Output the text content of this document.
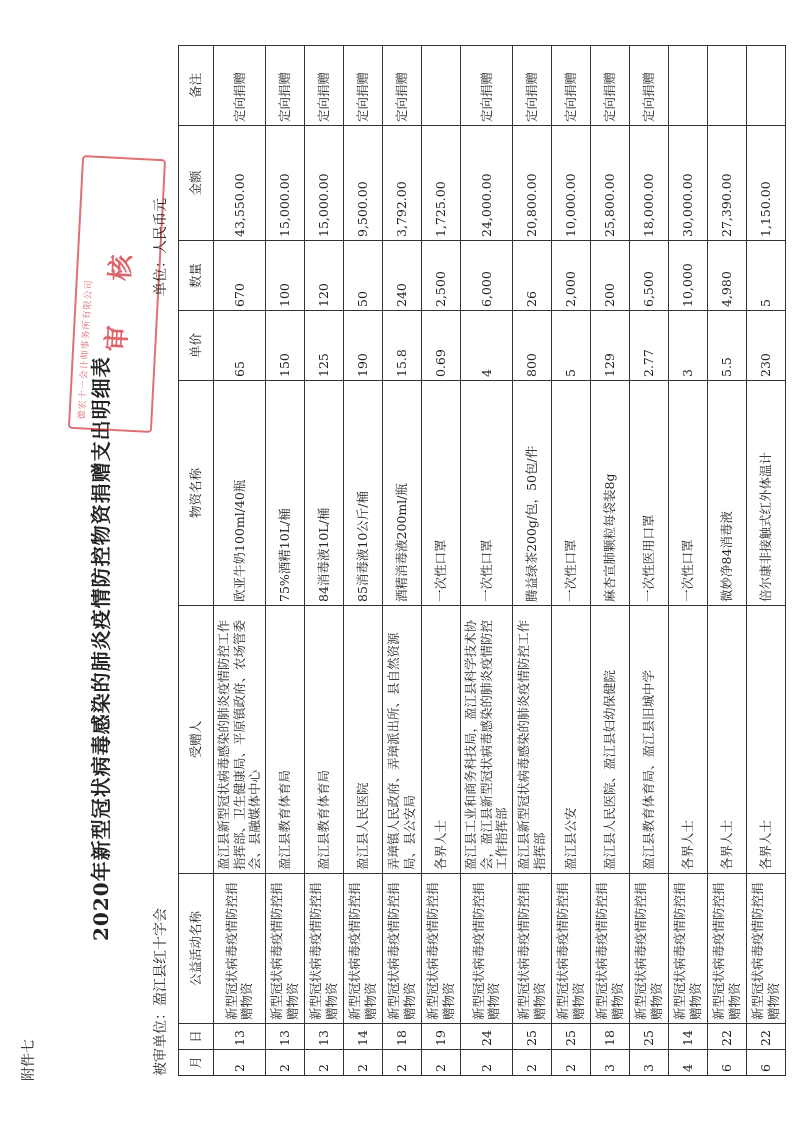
附件七
2020年新型冠状病毒感染的肺炎疫情防控物资捐赠支出明细表
德宏十一会计师事务所有限公司 审 核
被审单位：盈江县红十字会
单位：人民币元
月	日	公益活动名称	受赠人	物资名称	单价	数量	金额	备注
2	13	新型冠状病毒疫情防控捐赠物资	盈江县新型冠状病毒感染的肺炎疫情防控工作指挥部、卫生健康局、平原镇政府、农场管委会、县融媒体中心	欧亚牛奶100ml/40瓶	65	670	43,550.00	定向捐赠
2	13	新型冠状病毒疫情防控捐赠物资	盈江县教育体育局	75%酒精10L/桶	150	100	15,000.00	定向捐赠
2	13	新型冠状病毒疫情防控捐赠物资	盈江县教育体育局	84消毒液10L/桶	125	120	15,000.00	定向捐赠
2	14	新型冠状病毒疫情防控捐赠物资	盈江县人民医院	85消毒液10公斤/桶	190	50	9,500.00	定向捐赠
2	18	新型冠状病毒疫情防控捐赠物资	弄璋镇人民政府、弄璋派出所、县自然资源局、县公安局	酒精消毒液200ml/瓶	15.8	240	3,792.00	定向捐赠
2	19	新型冠状病毒疫情防控捐赠物资	各界人士	一次性口罩	0.69	2,500	1,725.00	
2	24	新型冠状病毒疫情防控捐赠物资	盈江县工业和商务科技局，盈江县科学技术协会，盈江县新型冠状病毒感染的肺炎疫情防控工作指挥部	一次性口罩	4	6,000	24,000.00	定向捐赠
2	25	新型冠状病毒疫情防控捐赠物资	盈江县新型冠状病毒感染的肺炎疫情防控工作指挥部	腾益绿茶200g/包，50包/件	800	26	20,800.00	定向捐赠
2	25	新型冠状病毒疫情防控捐赠物资	盈江县公安	一次性口罩	5	2,000	10,000.00	定向捐赠
3	18	新型冠状病毒疫情防控捐赠物资	盈江县人民医院、盈江县妇幼保健院	麻杏宣肺颗粒每袋装8g	129	200	25,800.00	定向捐赠
3	25	新型冠状病毒疫情防控捐赠物资	盈江县教育体育局、盈江县旧城中学	一次性医用口罩	2.77	6,500	18,000.00	定向捐赠
4	14	新型冠状病毒疫情防控捐赠物资	各界人士	一次性口罩	3	10,000	30,000.00	
6	22	新型冠状病毒疫情防控捐赠物资	各界人士	微妙净84消毒液	5.5	4,980	27,390.00	
6	22	新型冠状病毒疫情防控捐赠物资	各界人士	倍尔康非接触式红外体温计	230	5	1,150.00	
